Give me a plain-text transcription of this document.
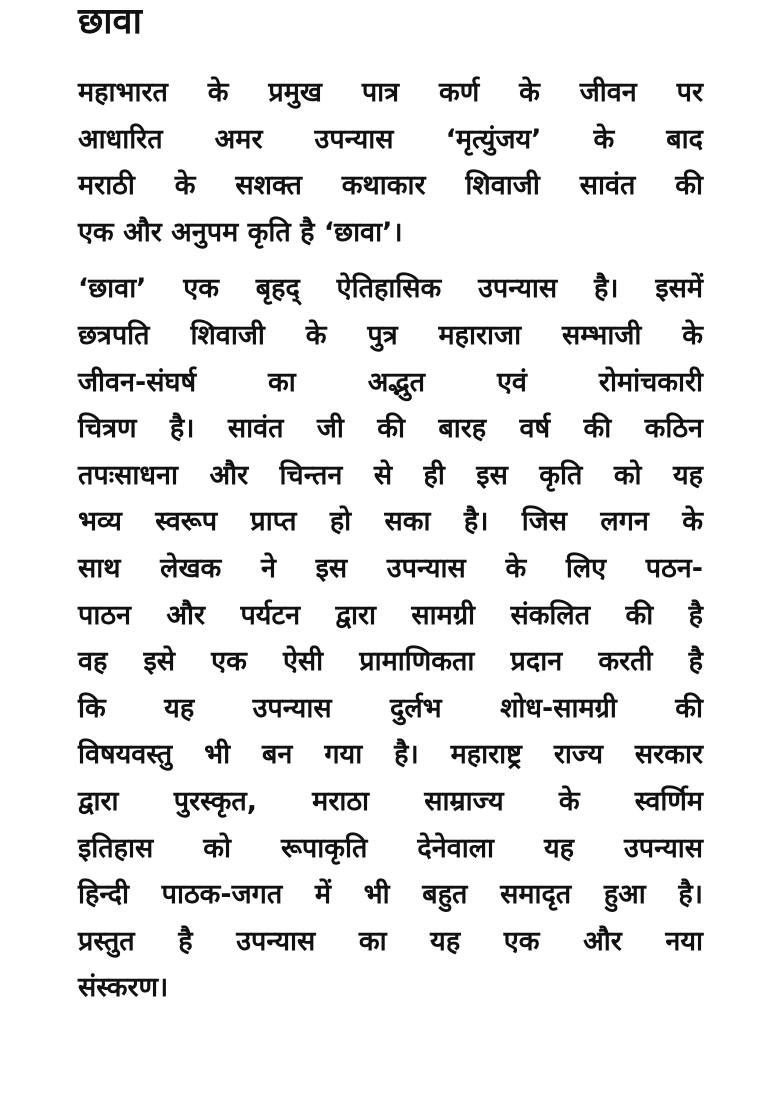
छावा
महाभारत के प्रमुख पात्र कर्ण के जीवन पर
आधारित अमर उपन्यास ‘मृत्युंजय’ के बाद
मराठी के सशक्त कथाकार शिवाजी सावंत की
एक और अनुपम कृति है ‘छावा’।
‘छावा’ एक बृहद् ऐतिहासिक उपन्यास है। इसमें
छत्रपति शिवाजी के पुत्र महाराजा सम्भाजी के
जीवन-संघर्ष का अद्भुत एवं रोमांचकारी
चित्रण है। सावंत जी की बारह वर्ष की कठिन
तपःसाधना और चिन्तन से ही इस कृति को यह
भव्य स्वरूप प्राप्त हो सका है। जिस लगन के
साथ लेखक ने इस उपन्यास के लिए पठन-
पाठन और पर्यटन द्वारा सामग्री संकलित की है
वह इसे एक ऐसी प्रामाणिकता प्रदान करती है
कि यह उपन्यास दुर्लभ शोध-सामग्री की
विषयवस्तु भी बन गया है। महाराष्ट्र राज्य सरकार
द्वारा पुरस्कृत, मराठा साम्राज्य के स्वर्णिम
इतिहास को रूपाकृति देनेवाला यह उपन्यास
हिन्दी पाठक-जगत में भी बहुत समादृत हुआ है।
प्रस्तुत है उपन्यास का यह एक और नया
संस्करण।
